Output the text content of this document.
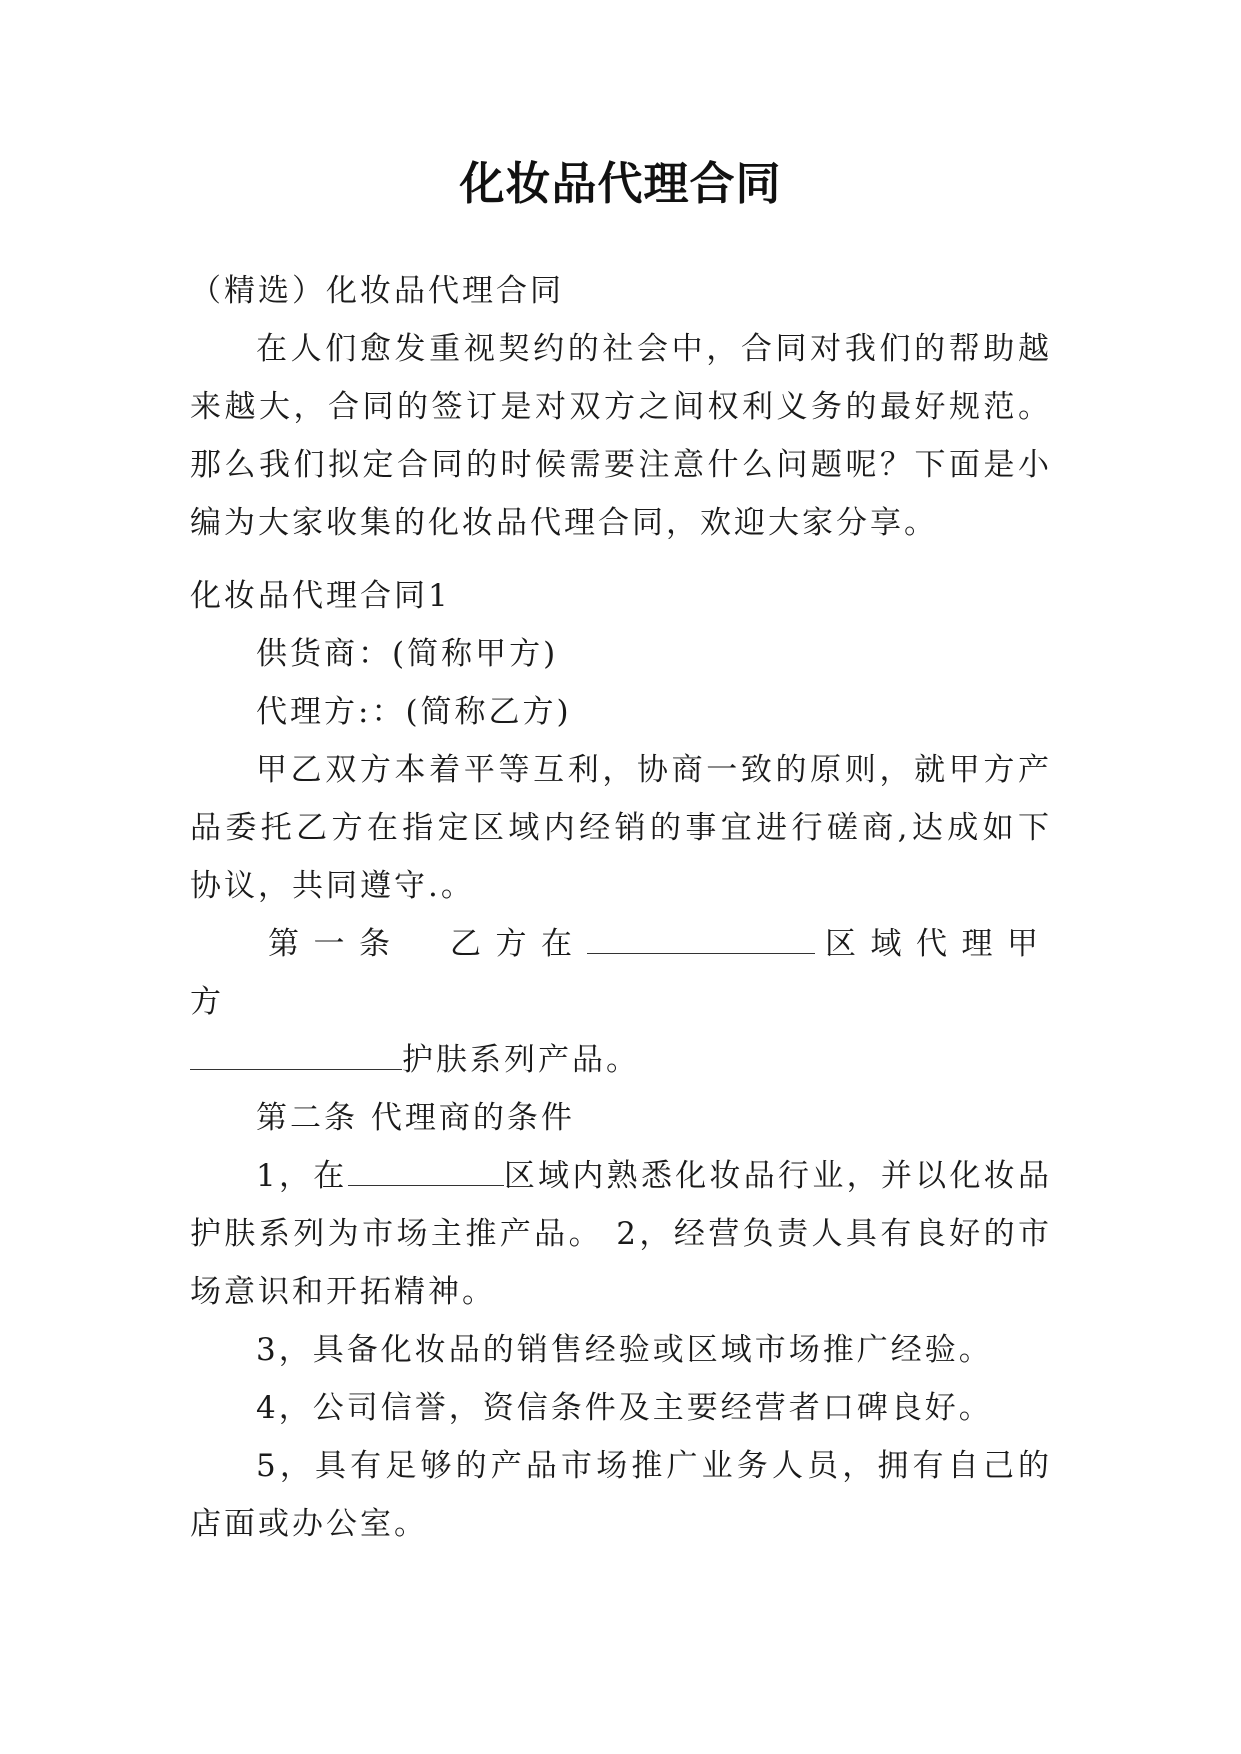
化妆品代理合同

（精选）化妆品代理合同

在人们愈发重视契约的社会中，合同对我们的帮助越来越大，合同的签订是对双方之间权利义务的最好规范。那么我们拟定合同的时候需要注意什么问题呢？下面是小编为大家收集的化妆品代理合同，欢迎大家分享。

化妆品代理合同1

供货商：(简称甲方)

代理方:：(简称乙方)

甲乙双方本着平等互利，协商一致的原则，就甲方产品委托乙方在指定区域内经销的事宜进行磋商,达成如下协议，共同遵守.。

第一条　乙方在	区域代理甲方
护肤系列产品。

第二条 代理商的条件

1，在	区域内熟悉化妆品行业，并以化妆品护肤系列为市场主推产品。 2，经营负责人具有良好的市场意识和开拓精神。

3，具备化妆品的销售经验或区域市场推广经验。

4，公司信誉，资信条件及主要经营者口碑良好。

5，具有足够的产品市场推广业务人员，拥有自己的店面或办公室。
